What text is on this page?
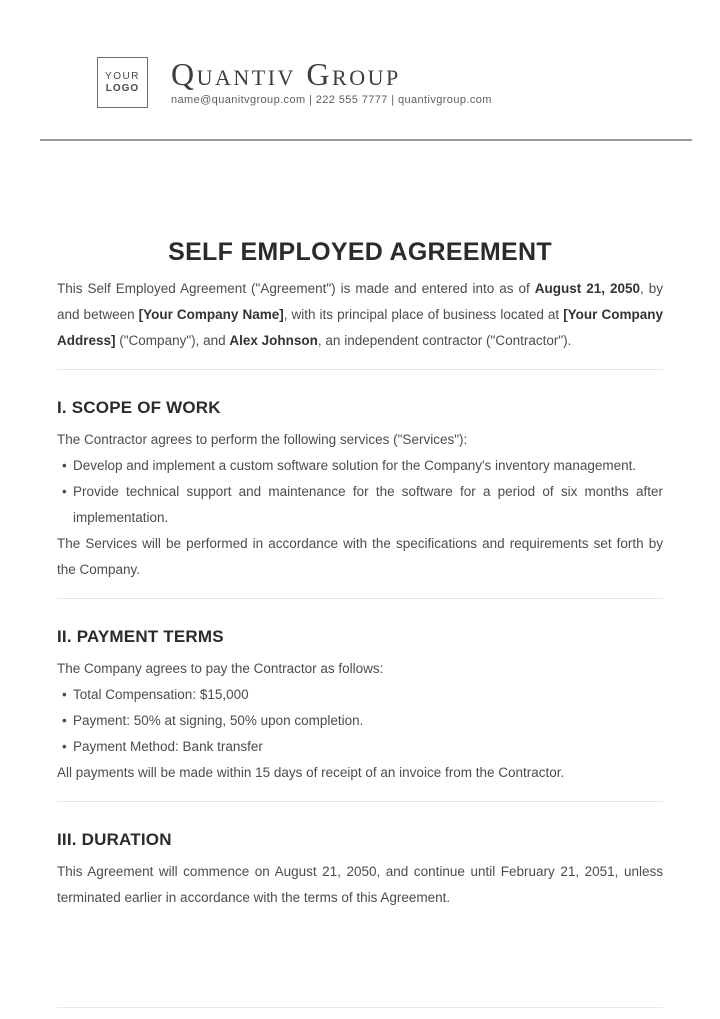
YOUR
LOGO Quantiv Group
name@quanitvgroup.com | 222 555 7777 | quantivgroup.com
SELF EMPLOYED AGREEMENT
This Self Employed Agreement ("Agreement") is made and entered into as of August 21, 2050, by and between [Your Company Name], with its principal place of business located at [Your Company Address] ("Company"), and Alex Johnson, an independent contractor ("Contractor").
I. SCOPE OF WORK
The Contractor agrees to perform the following services ("Services"):
• Develop and implement a custom software solution for the Company's inventory management.
• Provide technical support and maintenance for the software for a period of six months after implementation.
The Services will be performed in accordance with the specifications and requirements set forth by the Company.
II. PAYMENT TERMS
The Company agrees to pay the Contractor as follows:
• Total Compensation: $15,000
• Payment: 50% at signing, 50% upon completion.
• Payment Method: Bank transfer
All payments will be made within 15 days of receipt of an invoice from the Contractor.
III. DURATION
This Agreement will commence on August 21, 2050, and continue until February 21, 2051, unless terminated earlier in accordance with the terms of this Agreement.
